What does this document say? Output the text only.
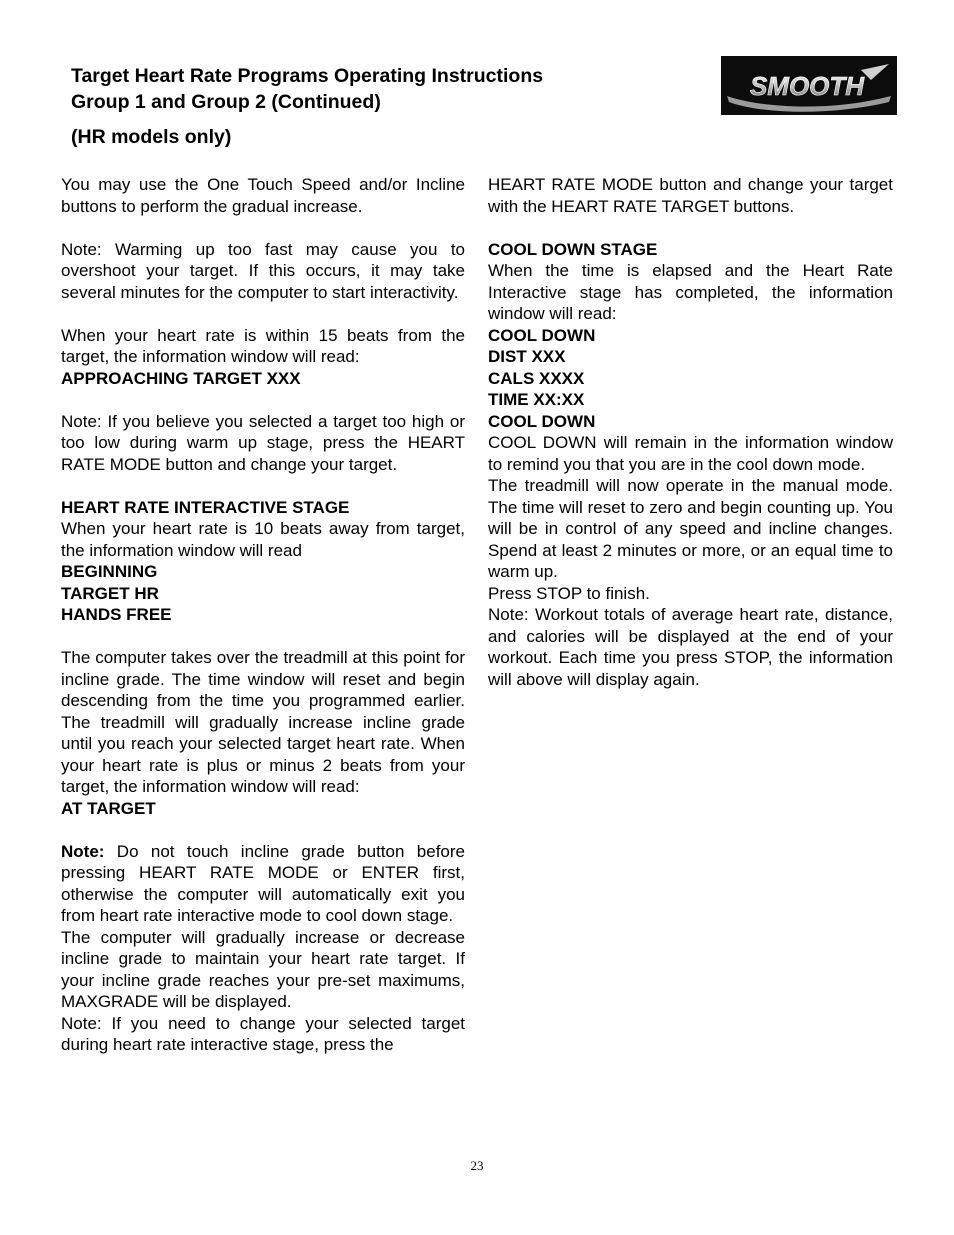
Target Heart Rate Programs Operating Instructions
Group 1 and Group 2 (Continued)
(HR models only)
SMOOTH

You may use the One Touch Speed and/or Incline buttons to perform the gradual increase.

Note: Warming up too fast may cause you to overshoot your target. If this occurs, it may take several minutes for the computer to start interactivity.

When your heart rate is within 15 beats from the target, the information window will read:

APPROACHING TARGET XXX

Note: If you believe you selected a target too high or too low during warm up stage, press the HEART RATE MODE button and change your target.

HEART RATE INTERACTIVE STAGE

When your heart rate is 10 beats away from target, the information window will read

BEGINNING

TARGET HR

HANDS FREE

The computer takes over the treadmill at this point for incline grade. The time window will reset and begin descending from the time you programmed earlier. The treadmill will gradually increase incline grade until you reach your selected target heart rate. When your heart rate is plus or minus 2 beats from your target, the information window will read:

AT TARGET

Note: Do not touch incline grade button before pressing HEART RATE MODE or ENTER first, otherwise the computer will automatically exit you from heart rate interactive mode to cool down stage.

The computer will gradually increase or decrease incline grade to maintain your heart rate target. If your incline grade reaches your pre-set maximums, MAXGRADE will be displayed.

Note: If you need to change your selected target during heart rate interactive stage, press the

HEART RATE MODE button and change your target with the HEART RATE TARGET buttons.

COOL DOWN STAGE

When the time is elapsed and the Heart Rate Interactive stage has completed, the information window will read:

COOL DOWN

DIST XXX

CALS XXXX

TIME XX:XX

COOL DOWN

COOL DOWN will remain in the information window to remind you that you are in the cool down mode.

The treadmill will now operate in the manual mode. The time will reset to zero and begin counting up. You will be in control of any speed and incline changes. Spend at least 2 minutes or more, or an equal time to warm up.

Press STOP to finish.

Note: Workout totals of average heart rate, distance, and calories will be displayed at the end of your workout. Each time you press STOP, the information will above will display again.

23
